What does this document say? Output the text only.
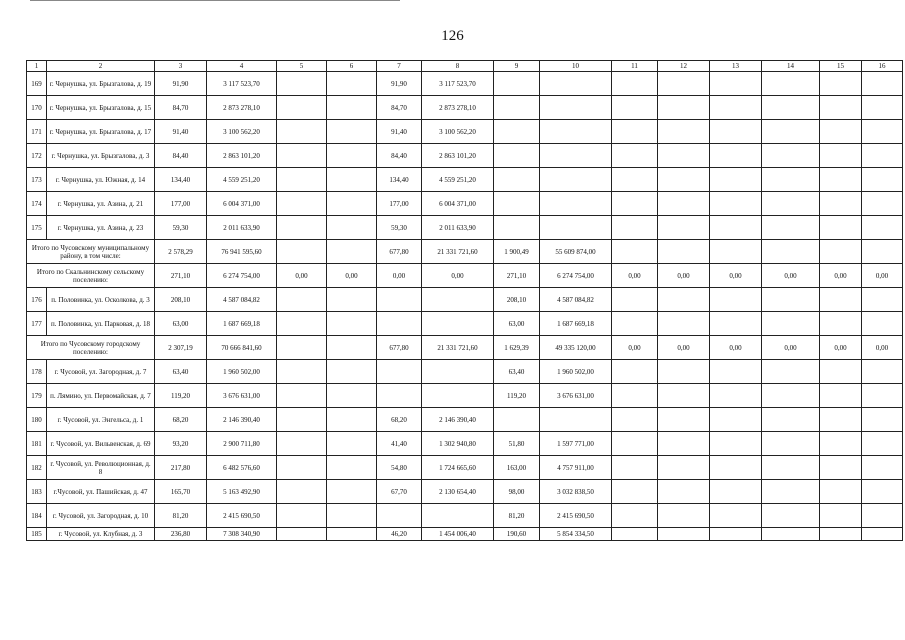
126
1	2	3	4	5	6	7	8	9	10	11	12	13	14	15	16
169	г. Чернушка, ул. Брызгалова, д. 19	91,90	3 117 523,70			91,90	3 117 523,70								
170	г. Чернушка, ул. Брызгалова, д. 15	84,70	2 873 278,10			84,70	2 873 278,10								
171	г. Чернушка, ул. Брызгалова, д. 17	91,40	3 100 562,20			91,40	3 100 562,20								
172	г. Чернушка, ул. Брызгалова, д. 3	84,40	2 863 101,20			84,40	2 863 101,20								
173	г. Чернушка, ул. Южная, д. 14	134,40	4 559 251,20			134,40	4 559 251,20								
174	г. Чернушка, ул. Азина, д. 21	177,00	6 004 371,00			177,00	6 004 371,00								
175	г. Чернушка, ул. Азина, д. 23	59,30	2 011 633,90			59,30	2 011 633,90								
Итого по Чусовскому муниципальному району, в том числе:		2 578,29	76 941 595,60			677,80	21 331 721,60	1 900,49	55 609 874,00						
Итого по Скальнинскому сельскому поселению:		271,10	6 274 754,00	0,00	0,00	0,00	0,00	271,10	6 274 754,00	0,00	0,00	0,00	0,00	0,00	0,00
176	п. Половинка, ул. Осколкова, д. 3	208,10	4 587 084,82					208,10	4 587 084,82						
177	п. Половинка, ул. Парковая, д. 18	63,00	1 687 669,18					63,00	1 687 669,18						
Итого по Чусовскому городскому поселению:		2 307,19	70 666 841,60			677,80	21 331 721,60	1 629,39	49 335 120,00	0,00	0,00	0,00	0,00	0,00	0,00
178	г. Чусовой, ул. Загородная, д. 7	63,40	1 960 502,00					63,40	1 960 502,00						
179	п. Лямино, ул. Первомайская, д. 7	119,20	3 676 631,00					119,20	3 676 631,00						
180	г. Чусовой, ул. Энгельса, д. 1	68,20	2 146 390,40			68,20	2 146 390,40								
181	г. Чусовой, ул. Вильвенская, д. 69	93,20	2 900 711,80			41,40	1 302 940,80	51,80	1 597 771,00						
182	г. Чусовой, ул. Революционная, д. 8	217,80	6 482 576,60			54,80	1 724 665,60	163,00	4 757 911,00						
183	г.Чусовой, ул. Пашийская, д. 47	165,70	5 163 492,90			67,70	2 130 654,40	98,00	3 032 838,50						
184	г. Чусовой, ул. Загородная, д. 10	81,20	2 415 690,50					81,20	2 415 690,50						
185	г. Чусовой, ул. Клубная, д. 3	236,80	7 308 340,90			46,20	1 454 006,40	190,60	5 854 334,50						
